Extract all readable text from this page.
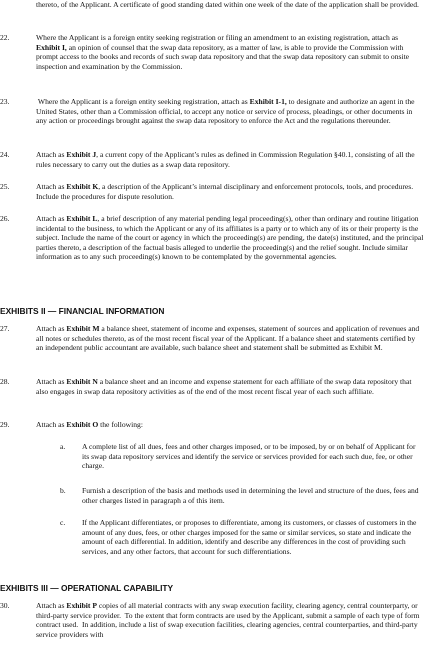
thereto, of the Applicant. A certificate of good standing dated within one week of the date of the application shall be provided.
22.	Where the Applicant is a foreign entity seeking registration or filing an amendment to an existing registration, attach as Exhibit I, an opinion of counsel that the swap data repository, as a matter of law, is able to provide the Commission with prompt access to the books and records of such swap data repository and that the swap data repository can submit to onsite inspection and examination by the Commission.
23.	Where the Applicant is a foreign entity seeking registration, attach as Exhibit I-1, to designate and authorize an agent in the United States, other than a Commission official, to accept any notice or service of process, pleadings, or other documents in any action or proceedings brought against the swap data repository to enforce the Act and the regulations thereunder.
24.	Attach as Exhibit J, a current copy of the Applicant’s rules as defined in Commission Regulation §40.1, consisting of all the rules necessary to carry out the duties as a swap data repository.
25.	Attach as Exhibit K, a description of the Applicant’s internal disciplinary and enforcement protocols, tools, and procedures. Include the procedures for dispute resolution.
26.	Attach as Exhibit L, a brief description of any material pending legal proceeding(s), other than ordinary and routine litigation incidental to the business, to which the Applicant or any of its affiliates is a party or to which any of its or their property is the subject. Include the name of the court or agency in which the proceeding(s) are pending, the date(s) instituted, and the principal parties thereto, a description of the factual basis alleged to underlie the proceeding(s) and the relief sought. Include similar information as to any such proceeding(s) known to be contemplated by the governmental agencies.
EXHIBITS II — FINANCIAL INFORMATION
27.	Attach as Exhibit M a balance sheet, statement of income and expenses, statement of sources and application of revenues and all notes or schedules thereto, as of the most recent fiscal year of the Applicant. If a balance sheet and statements certified by an independent public accountant are available, such balance sheet and statement shall be submitted as Exhibit M.
28.	Attach as Exhibit N a balance sheet and an income and expense statement for each affiliate of the swap data repository that also engages in swap data repository activities as of the end of the most recent fiscal year of each such affiliate.
29.	Attach as Exhibit O the following:
a.	A complete list of all dues, fees and other charges imposed, or to be imposed, by or on behalf of Applicant for its swap data repository services and identify the service or services provided for each such due, fee, or other charge.
b.	Furnish a description of the basis and methods used in determining the level and structure of the dues, fees and other charges listed in paragraph a of this item.
c.	If the Applicant differentiates, or proposes to differentiate, among its customers, or classes of customers in the amount of any dues, fees, or other charges imposed for the same or similar services, so state and indicate the amount of each differential. In addition, identify and describe any differences in the cost of providing such services, and any other factors, that account for such differentiations.
EXHIBITS III — OPERATIONAL CAPABILITY
30.	Attach as Exhibit P copies of all material contracts with any swap execution facility, clearing agency, central counterparty, or third-party service provider.  To the extent that form contracts are used by the Applicant, submit a sample of each type of form contract used.  In addition, include a list of swap execution facilities, clearing agencies, central counterparties, and third-party service providers with
